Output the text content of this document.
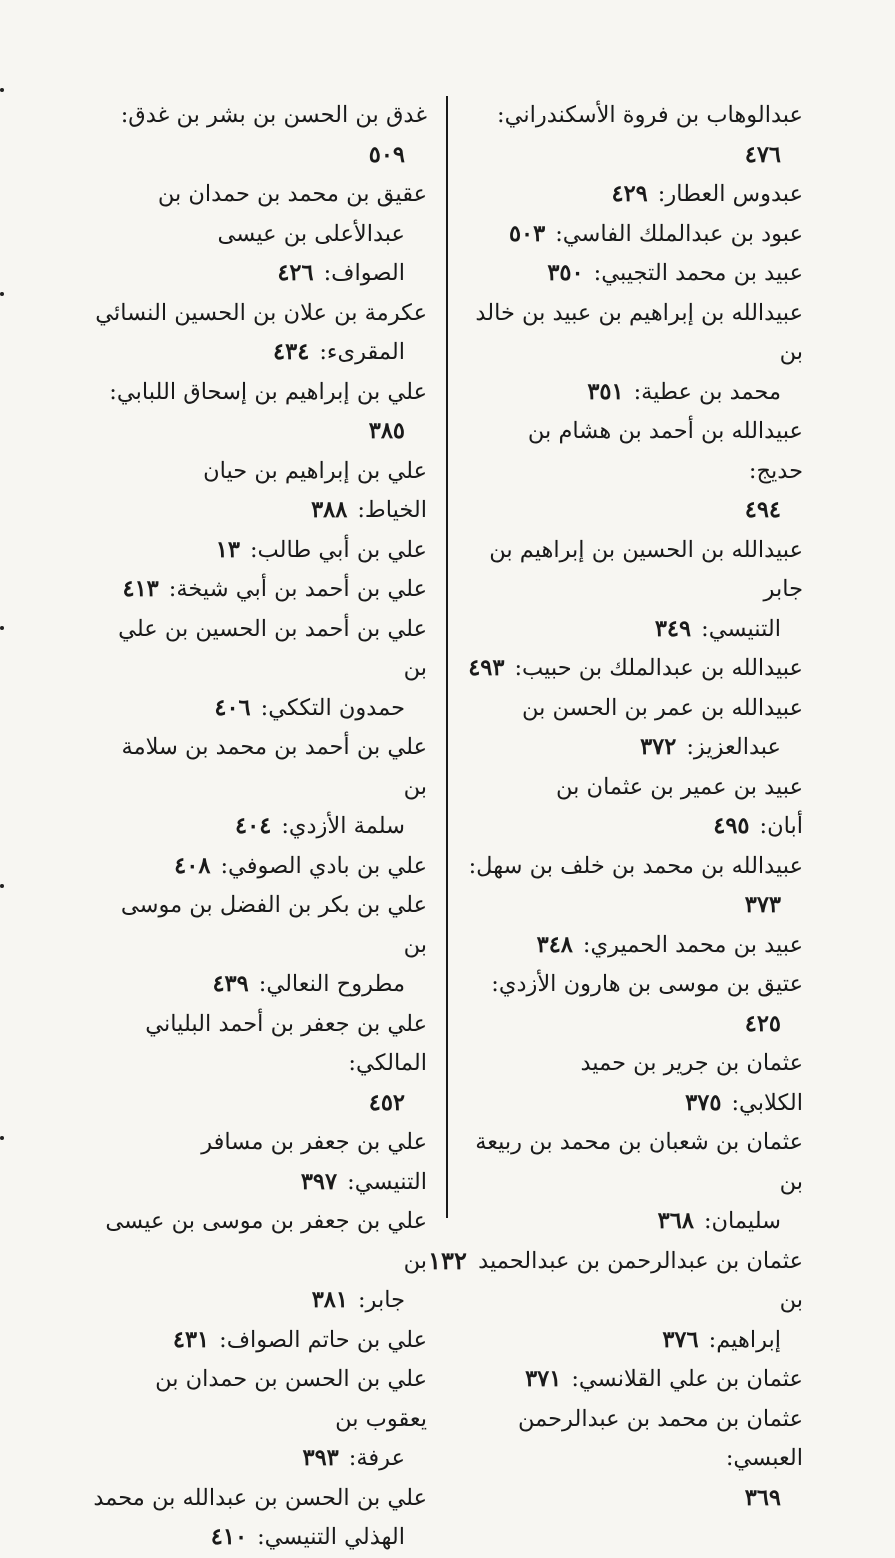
عبدالوهاب بن فروة الأسكندراني:
٤٧٦
عبدوس العطار:٤٢٩
عبود بن عبدالملك الفاسي:٥٠٣
عبيد بن محمد التجيبي:٣٥٠
عبيدالله بن إبراهيم بن عبيد بن خالد بن
محمد بن عطية:٣٥١
عبيدالله بن أحمد بن هشام بن حديج:
٤٩٤
عبيدالله بن الحسين بن إبراهيم بن جابر
التنيسي:٣٤٩
عبيدالله بن عبدالملك بن حبيب:٤٩٣
عبيدالله بن عمر بن الحسن بن
عبدالعزيز:٣٧٢
عبيد بن عمير بن عثمان بن أبان:٤٩٥
عبيدالله بن محمد بن خلف بن سهل:
٣٧٣
عبيد بن محمد الحميري:٣٤٨
عتيق بن موسى بن هارون الأزدي:
٤٢٥
عثمان بن جرير بن حميد الكلابي:٣٧٥
عثمان بن شعبان بن محمد بن ربيعة بن
سليمان:٣٦٨
عثمان بن عبدالرحمن بن عبدالحميد بن
إبراهيم:٣٧٦
عثمان بن علي القلانسي:٣٧١
عثمان بن محمد بن عبدالرحمن العبسي:
٣٦٩
غدق بن الحسن بن بشر بن غدق:
٥٠٩
عقيق بن محمد بن حمدان بن
عبدالأعلى بن عيسى الصواف:٤٢٦
عكرمة بن علان بن الحسين النسائي
المقرىء:٤٣٤
علي بن إبراهيم بن إسحاق اللبابي:
٣٨٥
علي بن إبراهيم بن حيان الخياط:٣٨٨
علي بن أبي طالب:١٣
علي بن أحمد بن أبي شيخة:٤١٣
علي بن أحمد بن الحسين بن علي بن
حمدون التككي:٤٠٦
علي بن أحمد بن محمد بن سلامة بن
سلمة الأزدي:٤٠٤
علي بن بادي الصوفي:٤٠٨
علي بن بكر بن الفضل بن موسى بن
مطروح النعالي:٤٣٩
علي بن جعفر بن أحمد البلياني المالكي:
٤٥٢
علي بن جعفر بن مسافر التنيسي:٣٩٧
علي بن جعفر بن موسى بن عيسى بن
جابر:٣٨١
علي بن حاتم الصواف:٤٣١
علي بن الحسن بن حمدان بن يعقوب بن
عرفة:٣٩٣
علي بن الحسن بن عبدالله بن محمد
الهذلي التنيسي:٤١٠
١٣٢
